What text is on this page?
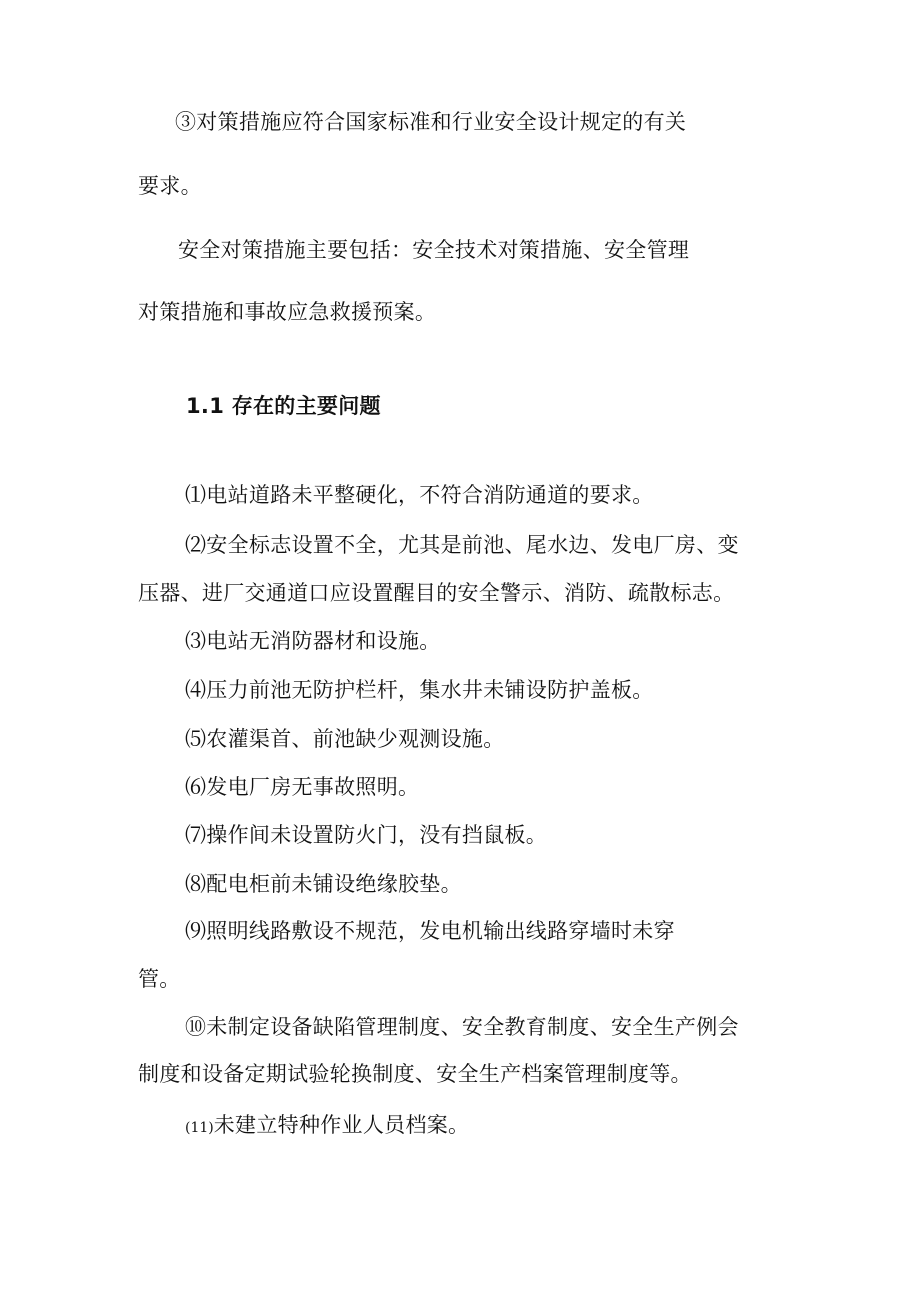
③对策措施应符合国家标准和行业安全设计规定的有关
要求。
安全对策措施主要包括：安全技术对策措施、安全管理
对策措施和事故应急救援预案。
1.1 存在的主要问题
⑴电站道路未平整硬化，不符合消防通道的要求。
⑵安全标志设置不全，尤其是前池、尾水边、发电厂房、变
压器、进厂交通道口应设置醒目的安全警示、消防、疏散标志。
⑶电站无消防器材和设施。
⑷压力前池无防护栏杆，集水井未铺设防护盖板。
⑸农灌渠首、前池缺少观测设施。
⑹发电厂房无事故照明。
⑺操作间未设置防火门，没有挡鼠板。
⑻配电柜前未铺设绝缘胶垫。
⑼照明线路敷设不规范，发电机输出线路穿墙时未穿
管。
⑩未制定设备缺陷管理制度、安全教育制度、安全生产例会
制度和设备定期试验轮换制度、安全生产档案管理制度等。
(11)未建立特种作业人员档案。
